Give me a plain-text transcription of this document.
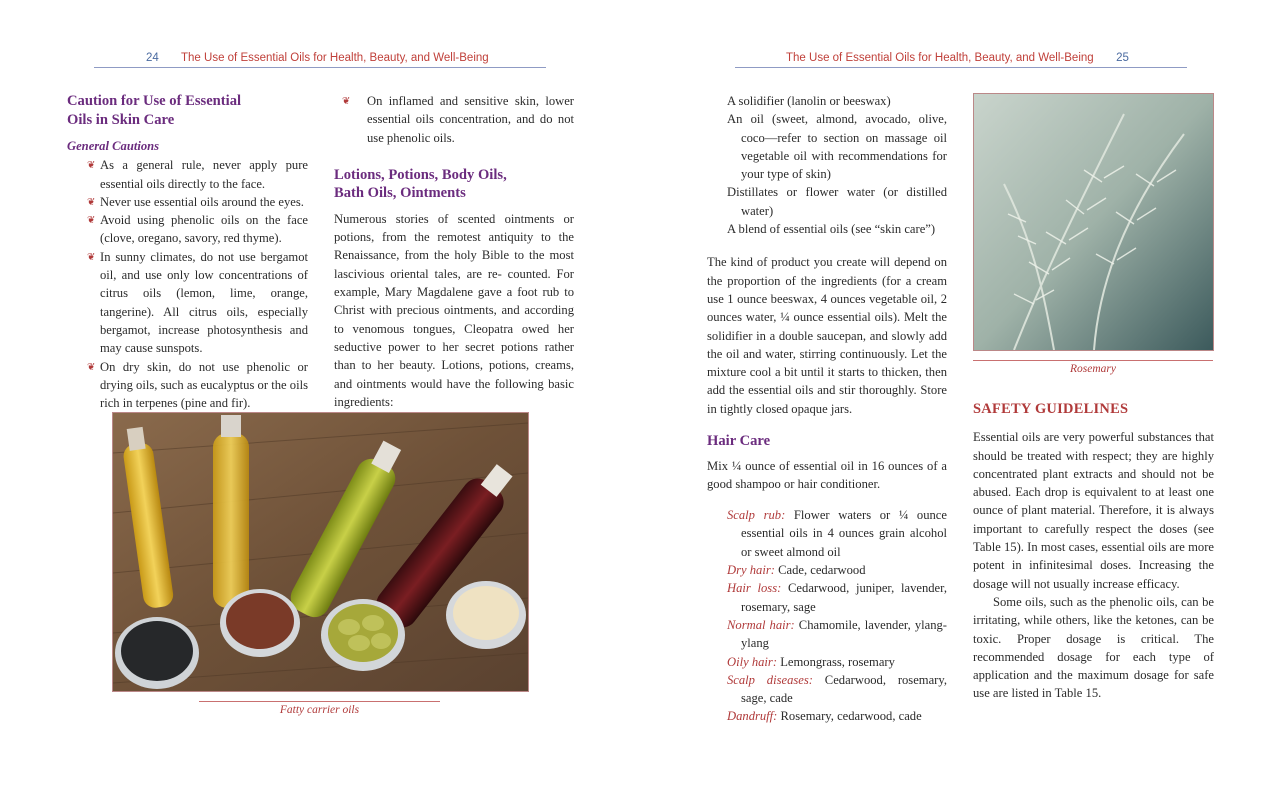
24 The Use of Essential Oils for Health, Beauty, and Well-Being
Caution for Use of Essential Oils in Skin Care
General Cautions
❦ As a general rule, never apply pure essential oils directly to the face.
❦ Never use essential oils around the eyes.
❦ Avoid using phenolic oils on the face (clove, oregano, savory, red thyme).
❦ In sunny climates, do not use bergamot oil, and use only low concentrations of citrus oils (lemon, lime, orange, tangerine). All citrus oils, especially bergamot, increase photosynthesis and may cause sunspots.
❦ On dry skin, do not use phenolic or drying oils, such as eucalyptus or the oils rich in terpenes (pine and fir).
❦ On inflamed and sensitive skin, lower essential oils concentration, and do not use phenolic oils.
Lotions, Potions, Body Oils, Bath Oils, Ointments

Numerous stories of scented ointments or potions, from the remotest antiquity to the Renaissance, from the holy Bible to the most lascivious oriental tales, are re- counted. For example, Mary Magdalene gave a foot rub to Christ with precious ointments, and according to venomous tongues, Cleopatra owed her seductive power to her secret potions rather than to her beauty. Lotions, potions, creams, and ointments would have the following basic ingredients:

Fatty carrier oils
The Use of Essential Oils for Health, Beauty, and Well-Being 25

A solidifier (lanolin or beeswax)

An oil (sweet, almond, avocado, olive, coco—refer to section on massage oil vegetable oil with recommendations for your type of skin)

Distillates or flower water (or distilled water)

A blend of essential oils (see “skin care”)

The kind of product you create will depend on the proportion of the ingredients (for a cream use 1 ounce beeswax, 4 ounces vegetable oil, 2 ounces water, ¼ ounce essential oils). Melt the solidifier in a double saucepan, and slowly add the oil and water, stirring continuously. Let the mixture cool a bit until it starts to thicken, then add the essential oils and stir thoroughly. Store in tightly closed opaque jars.

Hair Care

Mix ¼ ounce of essential oil in 16 ounces of a good shampoo or hair conditioner.

Scalp rub: Flower waters or ¼ ounce essential oils in 4 ounces grain alcohol or sweet almond oil

Dry hair: Cade, cedarwood

Hair loss: Cedarwood, juniper, lavender, rosemary, sage

Normal hair: Chamomile, lavender, ylang-ylang

Oily hair: Lemongrass, rosemary

Scalp diseases: Cedarwood, rosemary, sage, cade

Dandruff: Rosemary, cedarwood, cade

Rosemary
SAFETY GUIDELINES

Essential oils are very powerful substances that should be treated with respect; they are highly concentrated plant extracts and should not be abused. Each drop is equivalent to at least one ounce of plant material. Therefore, it is always important to carefully respect the doses (see Table 15). In most cases, essential oils are more potent in infinitesimal doses. Increasing the dosage will not usually increase efficacy.

Some oils, such as the phenolic oils, can be irritating, while others, like the ketones, can be toxic. Proper dosage is critical. The recommended dosage for each type of application and the maximum dosage for safe use are listed in Table 15.
